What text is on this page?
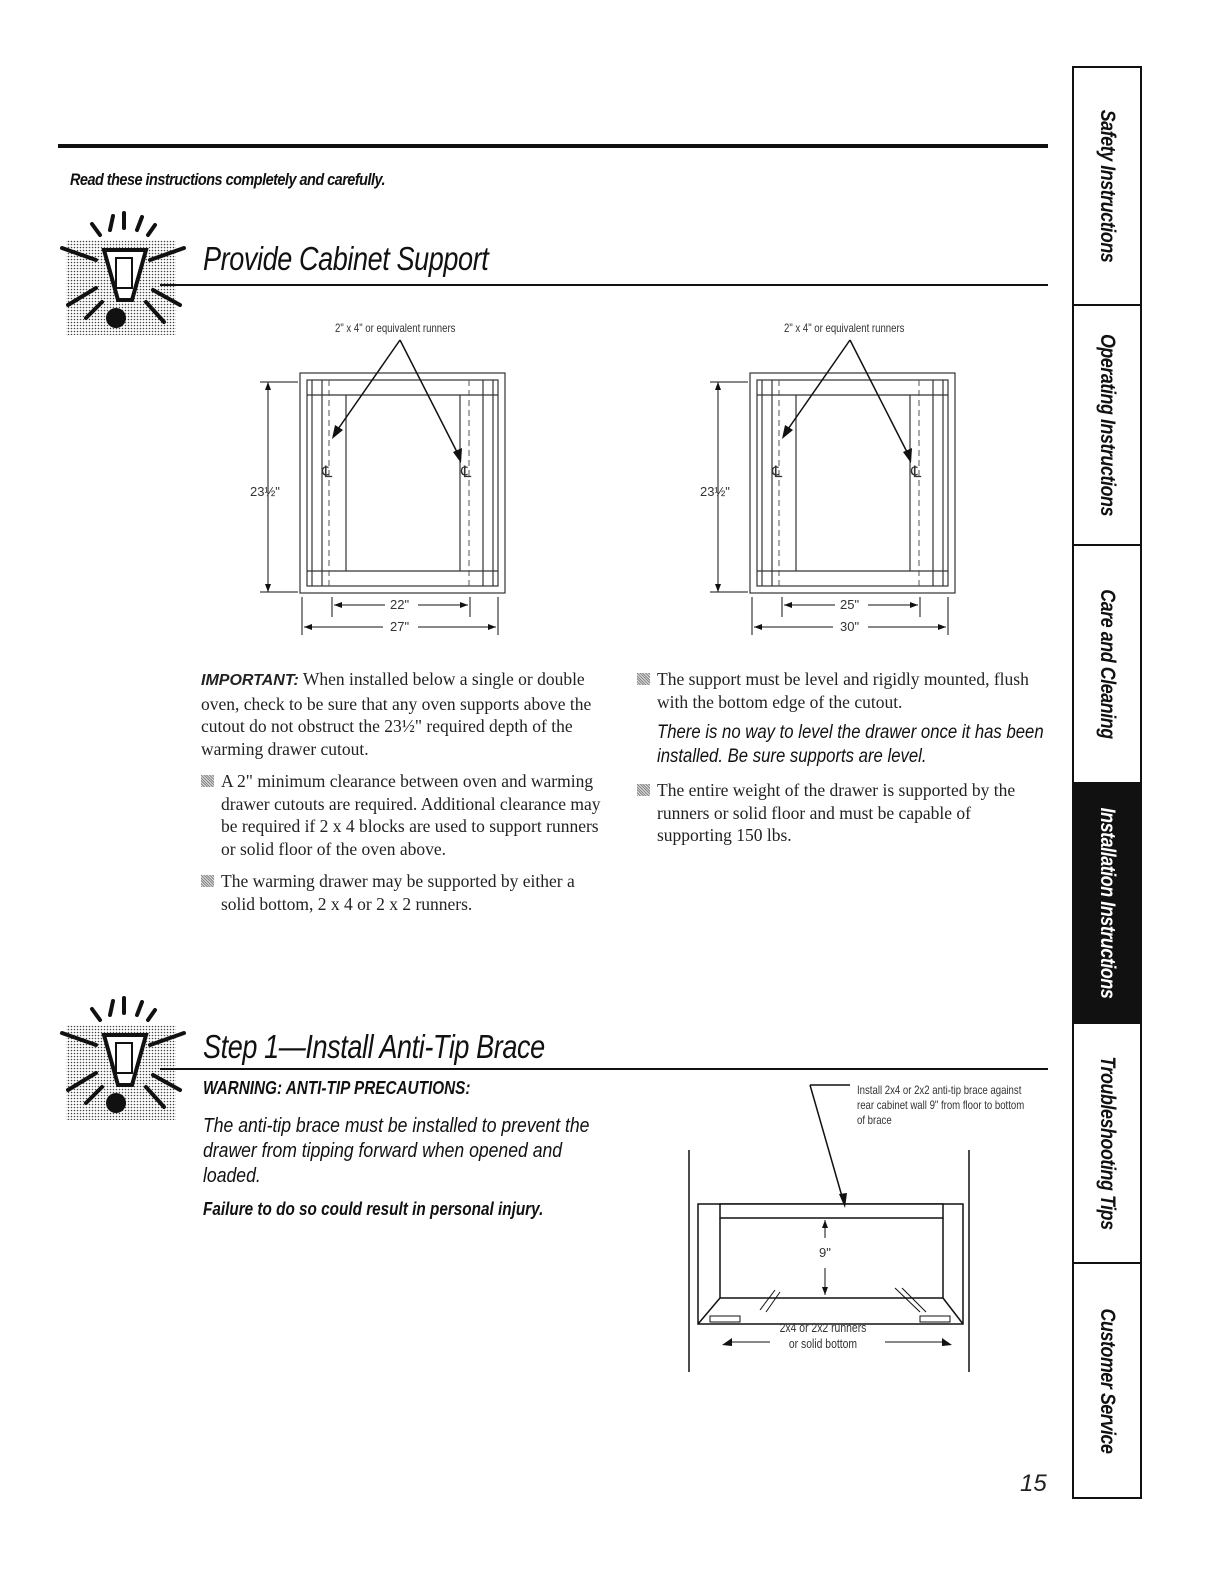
Read these instructions completely and carefully.
Provide Cabinet Support
2" x 4" or equivalent runners
23½"
℄	℄
22"
27"
2" x 4" or equivalent runners
23½"
℄	℄
25"
30"
IMPORTANT: When installed below a single or double oven, check to be sure that any oven supports above the cutout do not obstruct the 23½" required depth of the warming drawer cutout.
A 2" minimum clearance between oven and warming drawer cutouts are required. Additional clearance may be required if 2 x 4 blocks are used to support runners or solid floor of the oven above.
The warming drawer may be supported by either a solid bottom, 2 x 4 or 2 x 2 runners.
The support must be level and rigidly mounted, flush with the bottom edge of the cutout.
There is no way to level the drawer once it has been installed. Be sure supports are level.
The entire weight of the drawer is supported by the runners or solid floor and must be capable of supporting 150 lbs.
Step 1—Install Anti-Tip Brace
WARNING: ANTI-TIP PRECAUTIONS:
The anti-tip brace must be installed to prevent the drawer from tipping forward when opened and loaded.
Failure to do so could result in personal injury.
Install 2x4 or 2x2 anti-tip brace against rear cabinet wall 9" from floor to bottom of brace
9"
2x4 or 2x2 runners or solid bottom
Safety Instructions
Operating Instructions
Care and Cleaning
Installation Instructions
Troubleshooting Tips
Customer Service
15
